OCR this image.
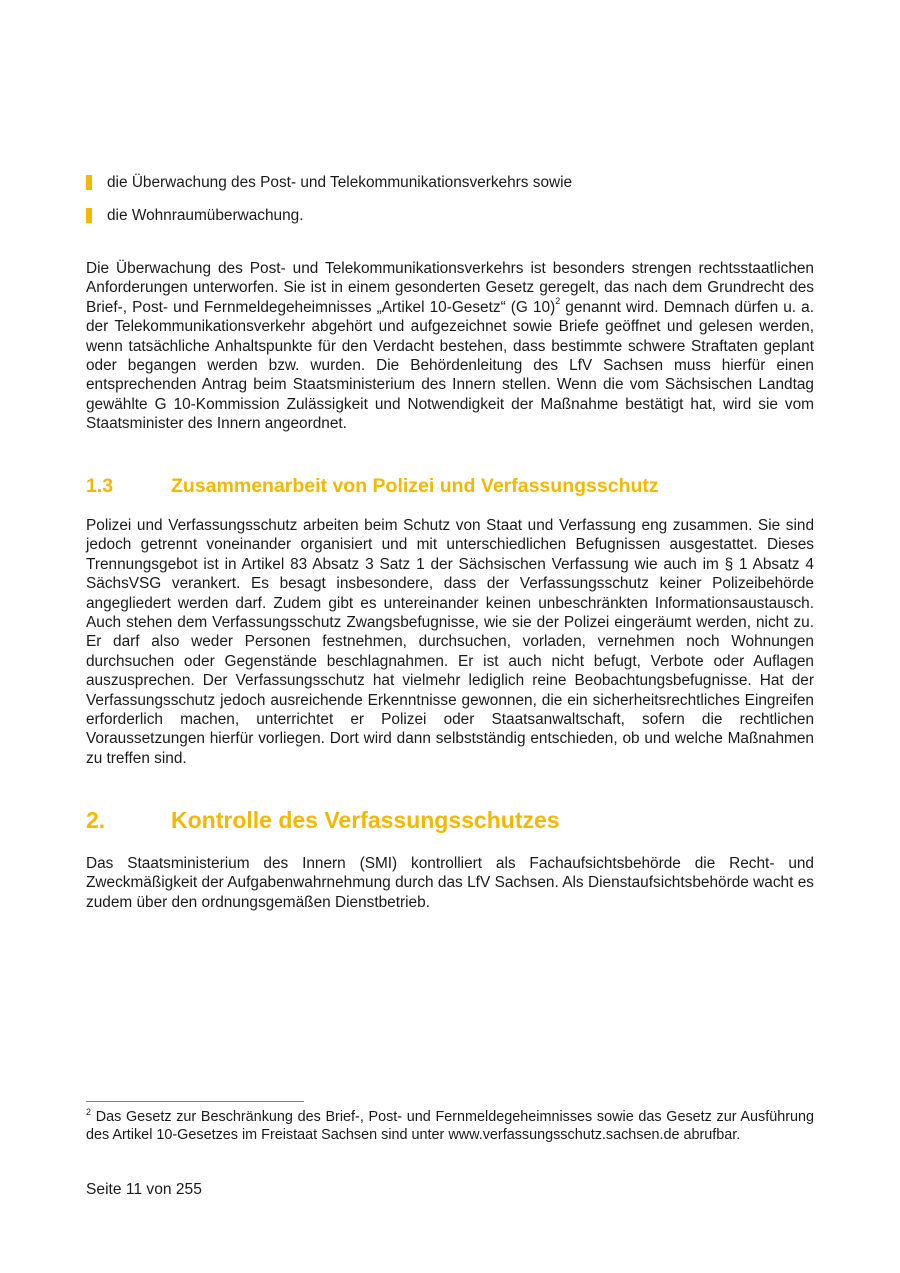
die Überwachung des Post- und Telekommunikationsverkehrs sowie
die Wohnraumüberwachung.

Die Überwachung des Post- und Telekommunikationsverkehrs ist besonders strengen rechtsstaatlichen Anforderungen unterworfen. Sie ist in einem gesonderten Gesetz geregelt, das nach dem Grundrecht des Brief-, Post- und Fernmeldegeheimnisses „Artikel 10-Gesetz“ (G 10)$^2$ genannt wird. Demnach dürfen u. a. der Telekommunikationsverkehr abgehört und aufgezeichnet sowie Briefe geöffnet und gelesen werden, wenn tatsächliche Anhaltspunkte für den Verdacht bestehen, dass bestimmte schwere Straftaten geplant oder begangen werden bzw. wurden. Die Behördenleitung des LfV Sachsen muss hierfür einen entsprechenden Antrag beim Staatsministerium des Innern stellen. Wenn die vom Sächsischen Landtag gewählte G 10-Kommission Zulässigkeit und Notwendigkeit der Maßnahme bestätigt hat, wird sie vom Staatsminister des Innern angeordnet.

1.3	Zusammenarbeit von Polizei und Verfassungsschutz

Polizei und Verfassungsschutz arbeiten beim Schutz von Staat und Verfassung eng zusammen. Sie sind jedoch getrennt voneinander organisiert und mit unterschiedlichen Befugnissen ausgestattet. Dieses Trennungsgebot ist in Artikel 83 Absatz 3 Satz 1 der Sächsischen Verfassung wie auch im § 1 Absatz 4 SächsVSG verankert. Es besagt insbesondere, dass der Verfassungsschutz keiner Polizeibehörde angegliedert werden darf. Zudem gibt es untereinander keinen unbeschränkten Informationsaustausch. Auch stehen dem Verfassungsschutz Zwangsbefugnisse, wie sie der Polizei eingeräumt werden, nicht zu. Er darf also weder Personen festnehmen, durchsuchen, vorladen, vernehmen noch Wohnungen durchsuchen oder Gegenstände beschlagnahmen. Er ist auch nicht befugt, Verbote oder Auflagen auszusprechen. Der Verfassungsschutz hat vielmehr lediglich reine Beobachtungsbefugnisse. Hat der Verfassungsschutz jedoch ausreichende Erkenntnisse gewonnen, die ein sicherheitsrechtliches Eingreifen erforderlich machen, unterrichtet er Polizei oder Staatsanwaltschaft, sofern die rechtlichen Voraussetzungen hierfür vorliegen. Dort wird dann selbstständig entschieden, ob und welche Maßnahmen zu treffen sind.

2.	Kontrolle des Verfassungsschutzes

Das Staatsministerium des Innern (SMI) kontrolliert als Fachaufsichtsbehörde die Recht- und Zweckmäßigkeit der Aufgabenwahrnehmung durch das LfV Sachsen. Als Dienstaufsichtsbehörde wacht es zudem über den ordnungsgemäßen Dienstbetrieb.

$^2$ Das Gesetz zur Beschränkung des Brief-, Post- und Fernmeldegeheimnisses sowie das Gesetz zur Ausführung des Artikel 10-Gesetzes im Freistaat Sachsen sind unter www.verfassungsschutz.sachsen.de abrufbar.

Seite 11 von 255
